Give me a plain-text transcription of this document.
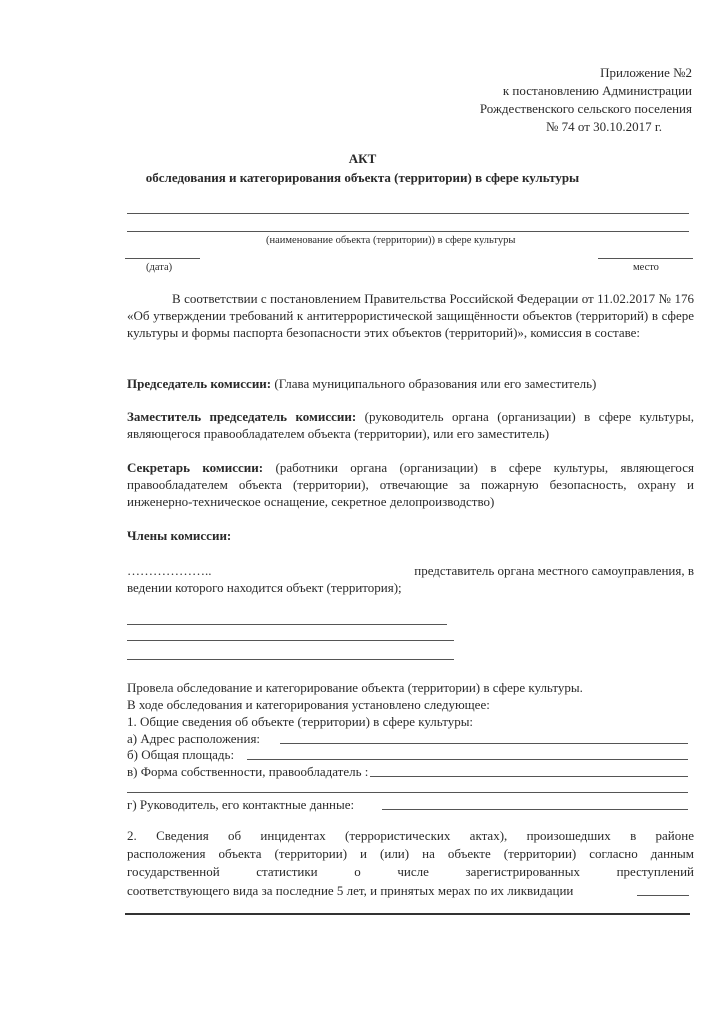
Приложение №2
к постановлению Администрации
Рождественского сельского поселения
№ 74 от 30.10.2017 г.
АКТ
обследования и категорирования объекта (территории) в сфере культуры
(наименование объекта (территории)) в сфере культуры
(дата)	место
В соответствии с постановлением Правительства Российской Федерации от 11.02.2017 № 176 «Об утверждении требований к антитеррористической защищённости объектов (территорий) в сфере культуры и формы паспорта безопасности этих объектов (территорий)», комиссия в составе:
Председатель комиссии: (Глава муниципального образования или его заместитель)
Заместитель председатель комиссии: (руководитель органа (организации) в сфере культуры, являющегося правообладателем объекта (территории), или его заместитель)
Секретарь комиссии: (работники органа (организации) в сфере культуры, являющегося правообладателем объекта (территории), отвечающие за пожарную безопасность, охрану и инженерно-техническое оснащение, секретное делопроизводство)
Члены комиссии:
………………..	представитель органа местного самоуправления, в
ведении которого находится объект (территория);
Провела обследование и категорирование объекта (территории) в сфере культуры.
В ходе обследования и категорирования установлено следующее:
1. Общие сведения об объекте (территории) в сфере культуры:
а) Адрес расположения:
б) Общая площадь:
в) Форма собственности, правообладатель :
г) Руководитель, его контактные данные:
2. Сведения об инцидентах (террористических актах), произошедших в районе
расположения объекта (территории) и (или) на объекте (территории) согласно данным
государственной статистики о числе зарегистрированных преступлений
соответствующего вида за последние 5 лет, и принятых мерах по их ликвидации
